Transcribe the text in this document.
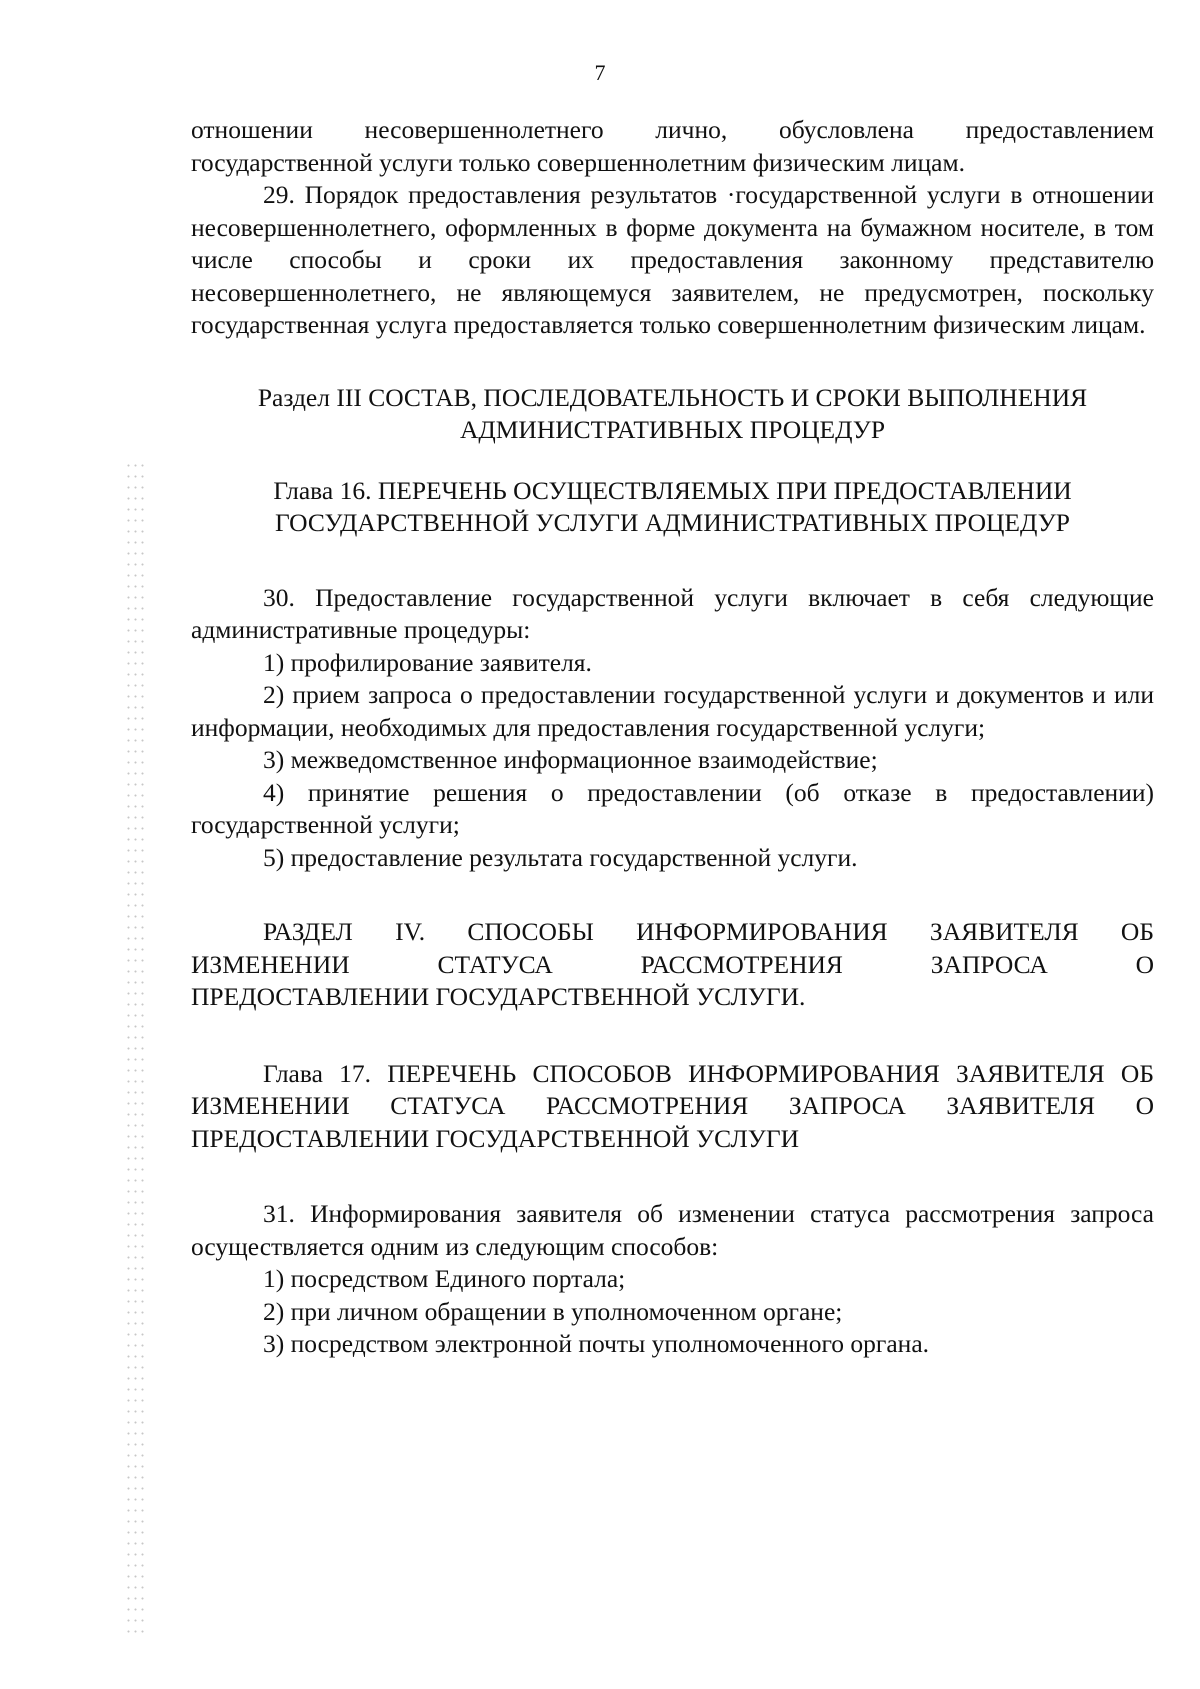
7

отношении несовершеннолетнего лично, обусловлена предоставлением

государственной услуги только совершеннолетним физическим лицам.

29. Порядок предоставления результатов ·государственной услуги в отношении несовершеннолетнего, оформленных в форме документа на бумажном носителе, в том числе способы и сроки их предоставления законному представителю несовершеннолетнего, не являющемуся заявителем, не предусмотрен, поскольку государственная услуга предоставляется только совершеннолетним физическим лицам.

Раздел III СОСТАВ, ПОСЛЕДОВАТЕЛЬНОСТЬ И СРОКИ ВЫПОЛНЕНИЯ

АДМИНИСТРАТИВНЫХ ПРОЦЕДУР

Глава 16. ПЕРЕЧЕНЬ ОСУЩЕСТВЛЯЕМЫХ ПРИ ПРЕДОСТАВЛЕНИИ

ГОСУДАРСТВЕННОЙ УСЛУГИ АДМИНИСТРАТИВНЫХ ПРОЦЕДУР

30. Предоставление государственной услуги включает в себя следующие административные процедуры:

1) профилирование заявителя.

2) прием запроса о предоставлении государственной услуги и документов и или информации, необходимых для предоставления государственной услуги;

3) межведомственное информационное взаимодействие;

4) принятие решения о предоставлении (об отказе в предоставлении) государственной услуги;

5) предоставление результата государственной услуги.

РАЗДЕЛ IV. СПОСОБЫ ИНФОРМИРОВАНИЯ ЗАЯВИТЕЛЯ ОБ

ИЗМЕНЕНИИ СТАТУСА РАССМОТРЕНИЯ ЗАПРОСА О

ПРЕДОСТАВЛЕНИИ ГОСУДАРСТВЕННОЙ УСЛУГИ.

Глава 17. ПЕРЕЧЕНЬ СПОСОБОВ ИНФОРМИРОВАНИЯ ЗАЯВИТЕЛЯ ОБ ИЗМЕНЕНИИ СТАТУСА РАССМОТРЕНИЯ ЗАПРОСА ЗАЯВИТЕЛЯ О ПРЕДОСТАВЛЕНИИ ГОСУДАРСТВЕННОЙ УСЛУГИ

31. Информирования заявителя об изменении статуса рассмотрения запроса осуществляется одним из следующим способов:

1) посредством Единого портала;

2) при личном обращении в уполномоченном органе;

3) посредством электронной почты уполномоченного органа.
